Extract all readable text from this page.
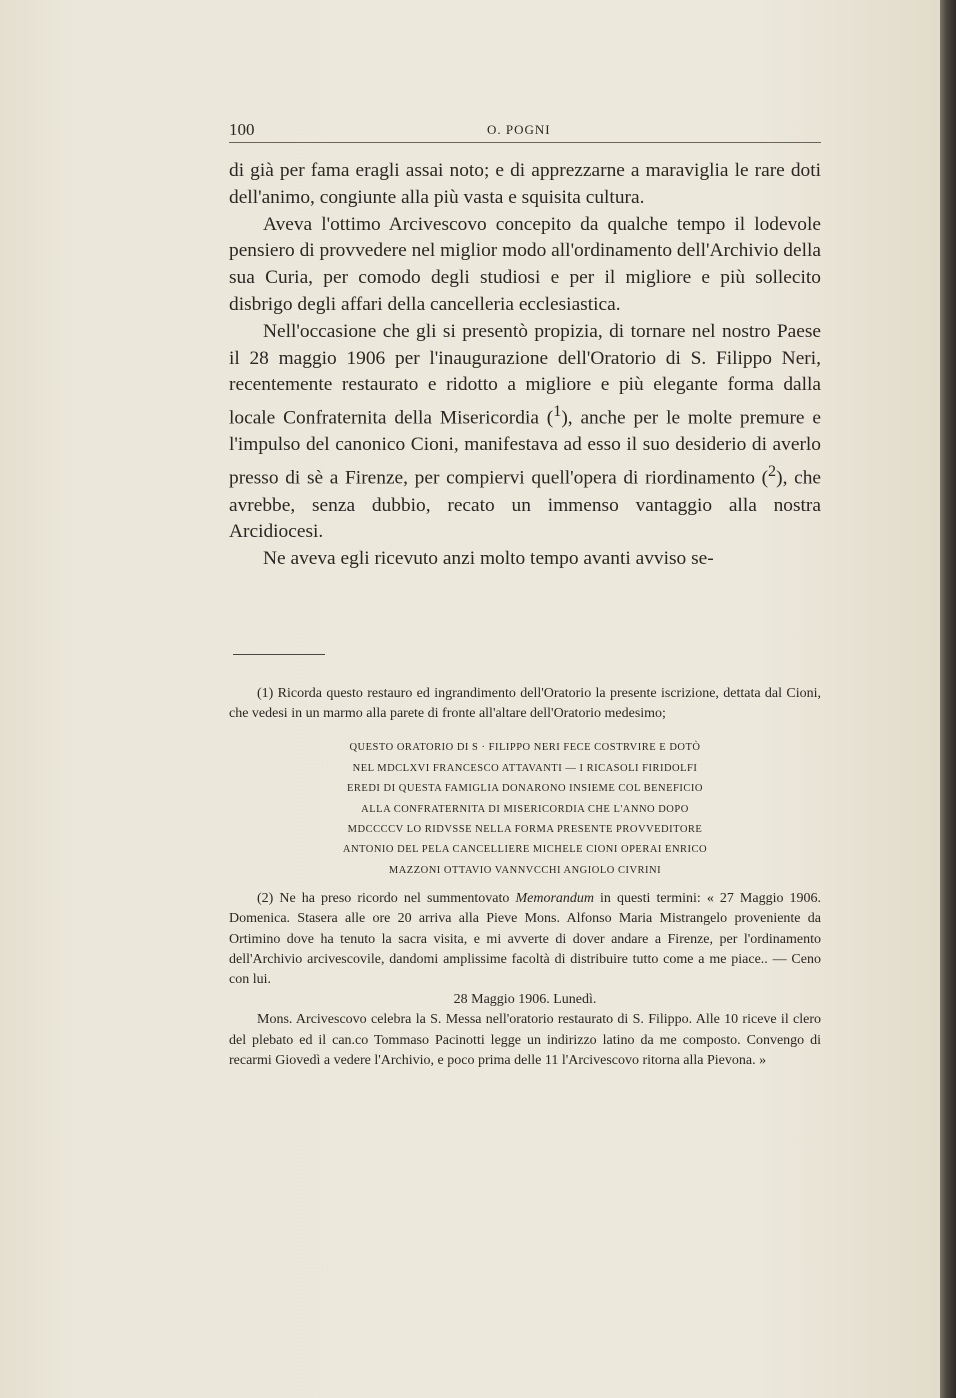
100	O. POGNI

di già per fama eragli assai noto; e di apprezzarne a maraviglia le rare doti dell'animo, congiunte alla più vasta e squisita cultura.

Aveva l'ottimo Arcivescovo concepito da qualche tempo il lodevole pensiero di provvedere nel miglior modo all'ordinamento dell'Archivio della sua Curia, per comodo degli studiosi e per il migliore e più sollecito disbrigo degli affari della cancelleria ecclesiastica.

Nell'occasione che gli si presentò propizia, di tornare nel nostro Paese il 28 maggio 1906 per l'inaugurazione dell'Oratorio di S. Filippo Neri, recentemente restaurato e ridotto a migliore e più elegante forma dalla locale Confraternita della Misericordia ($^1$), anche per le molte premure e l'impulso del canonico Cioni, manifestava ad esso il suo desiderio di averlo presso di sè a Firenze, per compiervi quell'opera di riordinamento ($^2$), che avrebbe, senza dubbio, recato un immenso vantaggio alla nostra Arcidiocesi.

Ne aveva egli ricevuto anzi molto tempo avanti avviso se-

(1) Ricorda questo restauro ed ingrandimento dell'Oratorio la presente iscrizione, dettata dal Cioni, che vedesi in un marmo alla parete di fronte all'altare dell'Oratorio medesimo;

QUESTO ORATORIO DI S · FILIPPO NERI FECE COSTRVIRE E DOTÒ NEL MDCLXVI FRANCESCO ATTAVANTI — I RICASOLI FIRIDOLFI EREDI DI QUESTA FAMIGLIA DONARONO INSIEME COL BENEFICIO ALLA CONFRATERNITA DI MISERICORDIA CHE L'ANNO DOPO MDCCCCV LO RIDVSSE NELLA FORMA PRESENTE PROVVEDITORE ANTONIO DEL PELA CANCELLIERE MICHELE CIONI OPERAI ENRICO MAZZONI OTTAVIO VANNVCCHI ANGIOLO CIVRINI

(2) Ne ha preso ricordo nel summentovato Memorandum in questi termini: « 27 Maggio 1906. Domenica. Stasera alle ore 20 arriva alla Pieve Mons. Alfonso Maria Mistrangelo proveniente da Ortimino dove ha tenuto la sacra visita, e mi avverte di dover andare a Firenze, per l'ordinamento dell'Archivio arcivescovile, dandomi amplissime facoltà di distribuire tutto come a me piace.. — Ceno con lui.

28 Maggio 1906. Lunedì.

Mons. Arcivescovo celebra la S. Messa nell'oratorio restaurato di S. Filippo. Alle 10 riceve il clero del plebato ed il can.co Tommaso Pacinotti legge un indirizzo latino da me composto. Convengo di recarmi Giovedì a vedere l'Archivio, e poco prima delle 11 l'Arcivescovo ritorna alla Pievona. »
